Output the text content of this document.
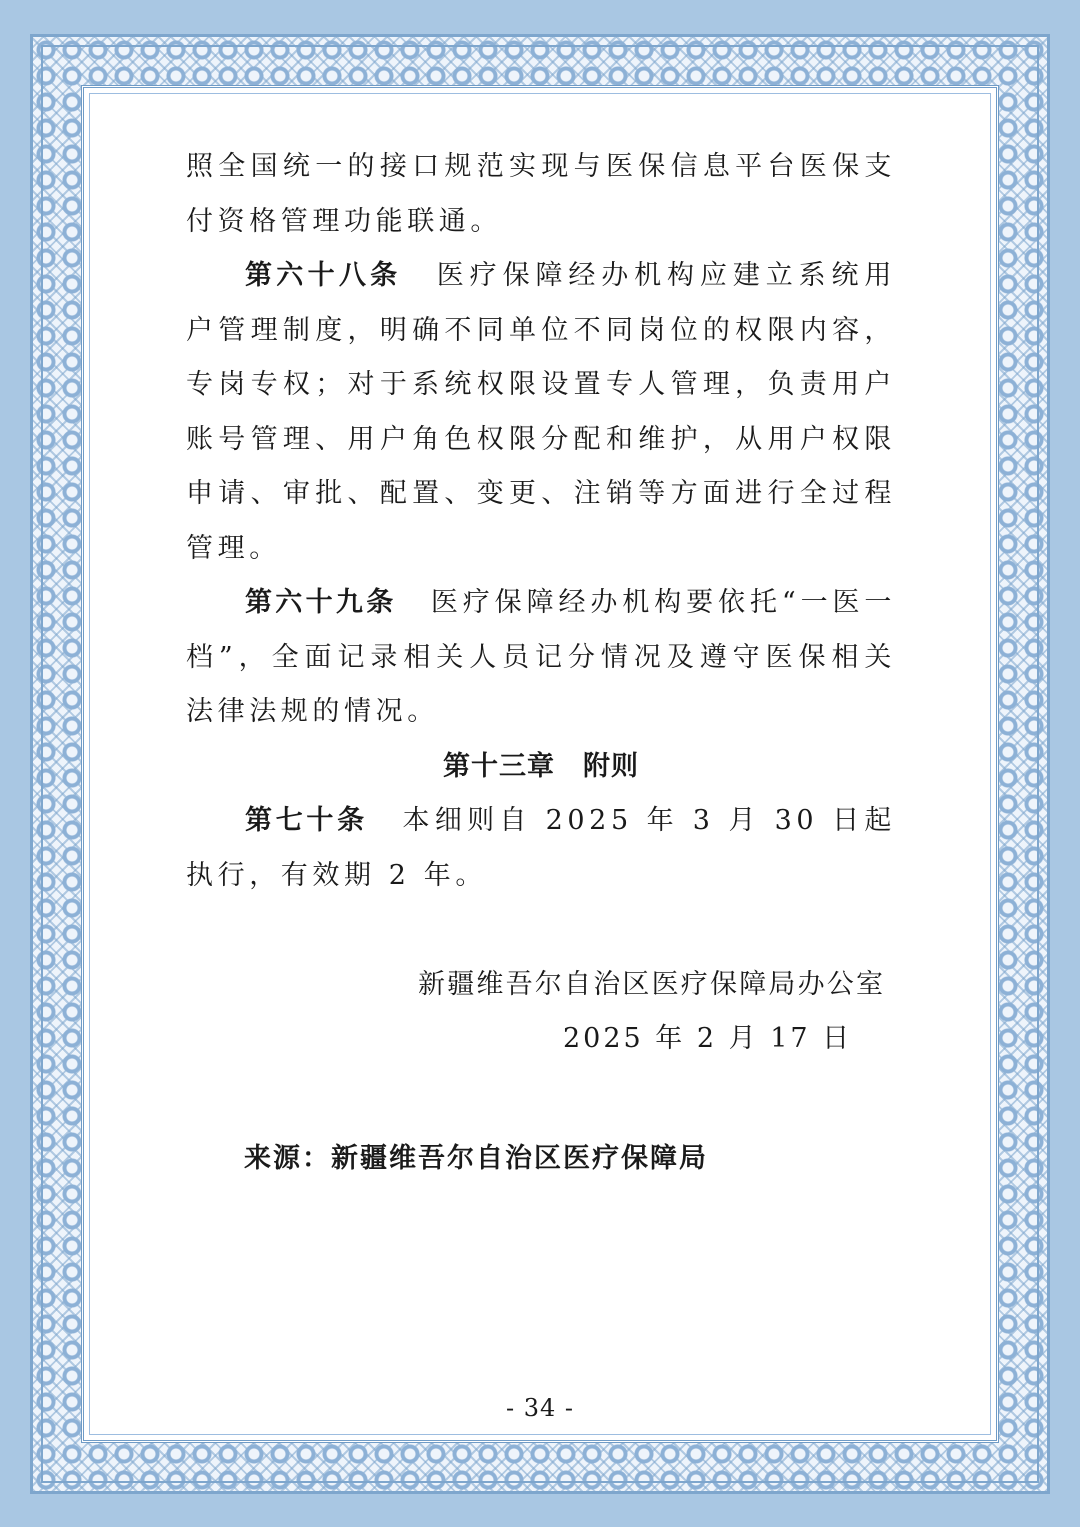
照全国统一的接口规范实现与医保信息平台医保支付资格管理功能联通。

第六十八条 医疗保障经办机构应建立系统用户管理制度，明确不同单位不同岗位的权限内容，专岗专权；对于系统权限设置专人管理，负责用户账号管理、用户角色权限分配和维护，从用户权限申请、审批、配置、变更、注销等方面进行全过程管理。

第六十九条 医疗保障经办机构要依托“一医一档”，全面记录相关人员记分情况及遵守医保相关法律法规的情况。

第十三章 附则

第七十条 本细则自 2025 年 3 月 30 日起执行，有效期 2 年。

新疆维吾尔自治区医疗保障局办公室
2025 年 2 月 17 日
来源：新疆维吾尔自治区医疗保障局
- 34 -
